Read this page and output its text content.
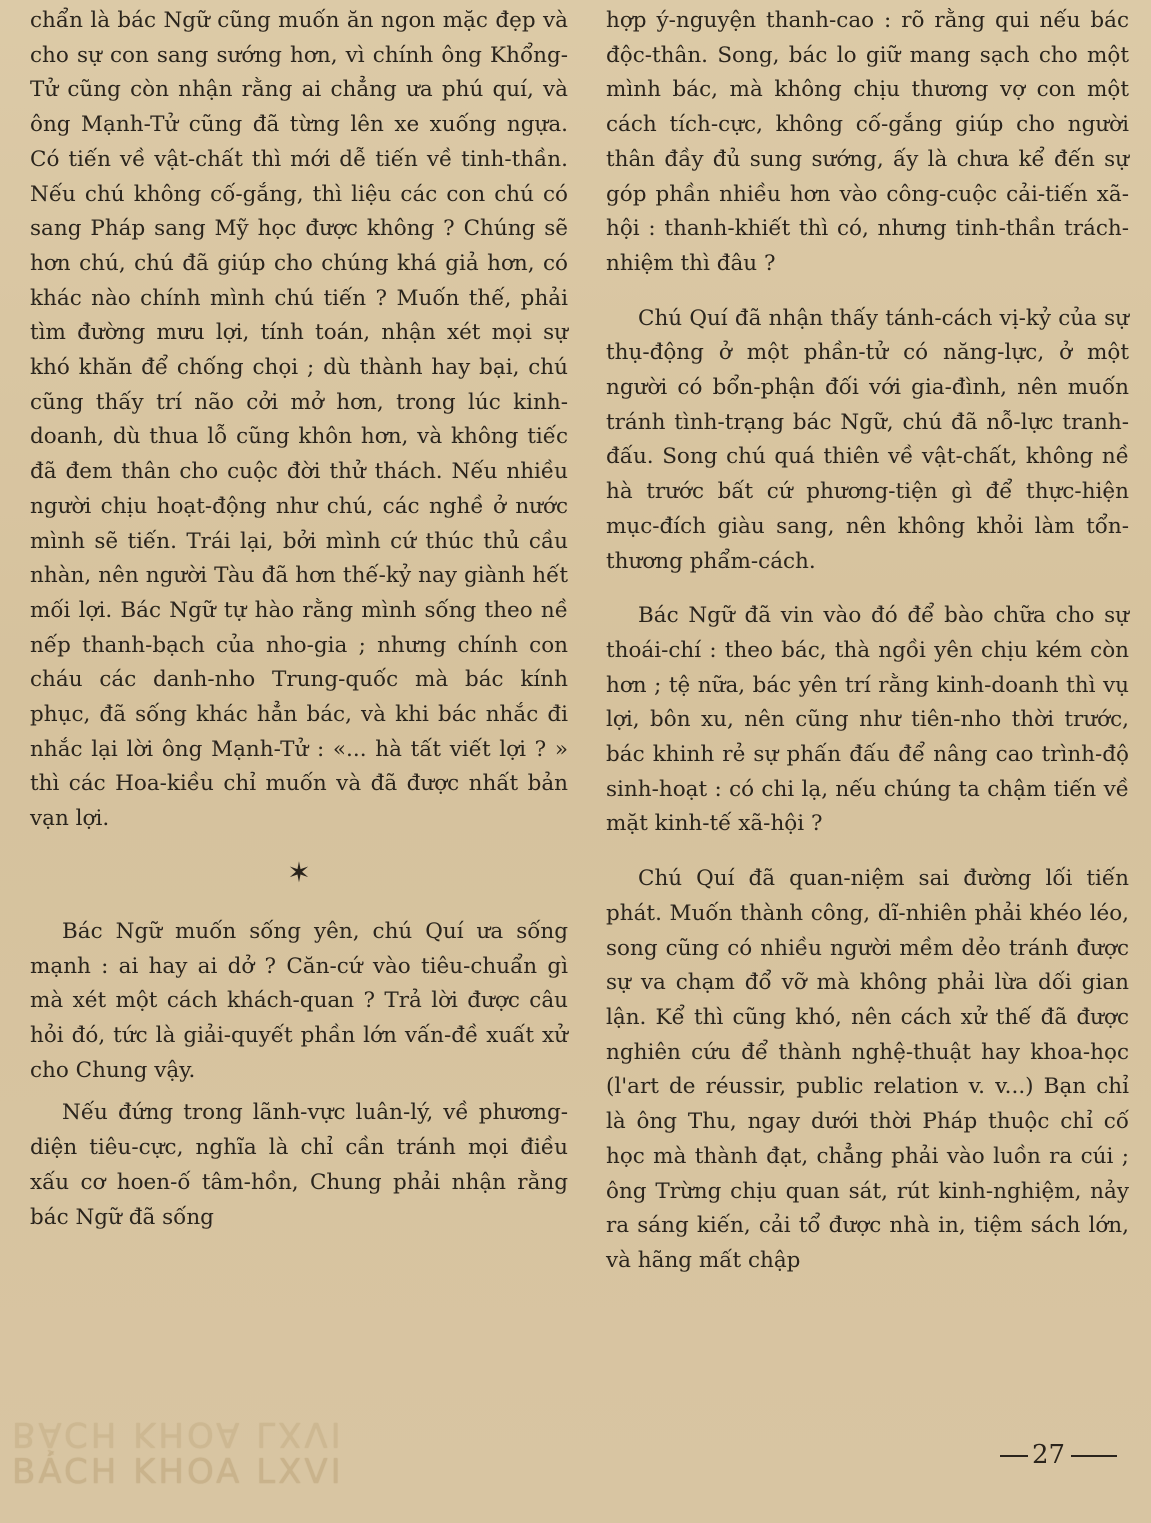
chẩn là bác Ngữ cũng muốn ăn ngon mặc đẹp và cho sự con sang sướng hơn, vì chính ông Khổng-Tử cũng còn nhận rằng ai chẳng ưa phú quí, và ông Mạnh-Tử cũng đã từng lên xe xuống ngựa. Có tiến về vật-chất thì mới dễ tiến về tinh-thần. Nếu chú không cố-gắng, thì liệu các con chú có sang Pháp sang Mỹ học được không ? Chúng sẽ hơn chú, chú đã giúp cho chúng khá giả hơn, có khác nào chính mình chú tiến ? Muốn thế, phải tìm đường mưu lợi, tính toán, nhận xét mọi sự khó khăn để chống chọi ; dù thành hay bại, chú cũng thấy trí não cởi mở hơn, trong lúc kinh-doanh, dù thua lỗ cũng khôn hơn, và không tiếc đã đem thân cho cuộc đời thử thách. Nếu nhiều người chịu hoạt-động như chú, các nghề ở nước mình sẽ tiến. Trái lại, bởi mình cứ thúc thủ cầu nhàn, nên người Tàu đã hơn thế-kỷ nay giành hết mối lợi. Bác Ngữ tự hào rằng mình sống theo nề nếp thanh-bạch của nho-gia ; nhưng chính con cháu các danh-nho Trung-quốc mà bác kính phục, đã sống khác hẳn bác, và khi bác nhắc đi nhắc lại lời ông Mạnh-Tử : «... hà tất viết lợi ? » thì các Hoa-kiều chỉ muốn và đã được nhất bản vạn lợi.

✶

Bác Ngữ muốn sống yên, chú Quí ưa sống mạnh : ai hay ai dở ? Căn-cứ vào tiêu-chuẩn gì mà xét một cách khách-quan ? Trả lời được câu hỏi đó, tức là giải-quyết phần lớn vấn-đề xuất xử cho Chung vậy.

Nếu đứng trong lãnh-vực luân-lý, về phương-diện tiêu-cực, nghĩa là chỉ cần tránh mọi điều xấu cơ hoen-ố tâm-hồn, Chung phải nhận rằng bác Ngữ đã sống

hợp ý-nguyện thanh-cao : rõ rằng qui nếu bác độc-thân. Song, bác lo giữ mang sạch cho một mình bác, mà không chịu thương vợ con một cách tích-cực, không cố-gắng giúp cho người thân đầy đủ sung sướng, ấy là chưa kể đến sự góp phần nhiều hơn vào công-cuộc cải-tiến xã-hội : thanh-khiết thì có, nhưng tinh-thần trách-nhiệm thì đâu ?

Chú Quí đã nhận thấy tánh-cách vị-kỷ của sự thụ-động ở một phần-tử có năng-lực, ở một người có bổn-phận đối với gia-đình, nên muốn tránh tình-trạng bác Ngữ, chú đã nỗ-lực tranh-đấu. Song chú quá thiên về vật-chất, không nề hà trước bất cứ phương-tiện gì để thực-hiện mục-đích giàu sang, nên không khỏi làm tổn-thương phẩm-cách.

Bác Ngữ đã vin vào đó để bào chữa cho sự thoái-chí : theo bác, thà ngồi yên chịu kém còn hơn ; tệ nữa, bác yên trí rằng kinh-doanh thì vụ lợi, bôn xu, nên cũng như tiên-nho thời trước, bác khinh rẻ sự phấn đấu để nâng cao trình-độ sinh-hoạt : có chi lạ, nếu chúng ta chậm tiến về mặt kinh-tế xã-hội ?

Chú Quí đã quan-niệm sai đường lối tiến phát. Muốn thành công, dĩ-nhiên phải khéo léo, song cũng có nhiều người mềm dẻo tránh được sự va chạm đổ vỡ mà không phải lừa dối gian lận. Kể thì cũng khó, nên cách xử thế đã được nghiên cứu để thành nghệ-thuật hay khoa-học (l'art de réussir, public relation v. v...) Bạn chỉ là ông Thu, ngay dưới thời Pháp thuộc chỉ cố học mà thành đạt, chẳng phải vào luồn ra cúi ; ông Trừng chịu quan sát, rút kinh-nghiệm, nảy ra sáng kiến, cải tổ được nhà in, tiệm sách lớn, và hãng mất chập

BÁCH KHOA LXVI
BÁCH KHOA LXVI	27
